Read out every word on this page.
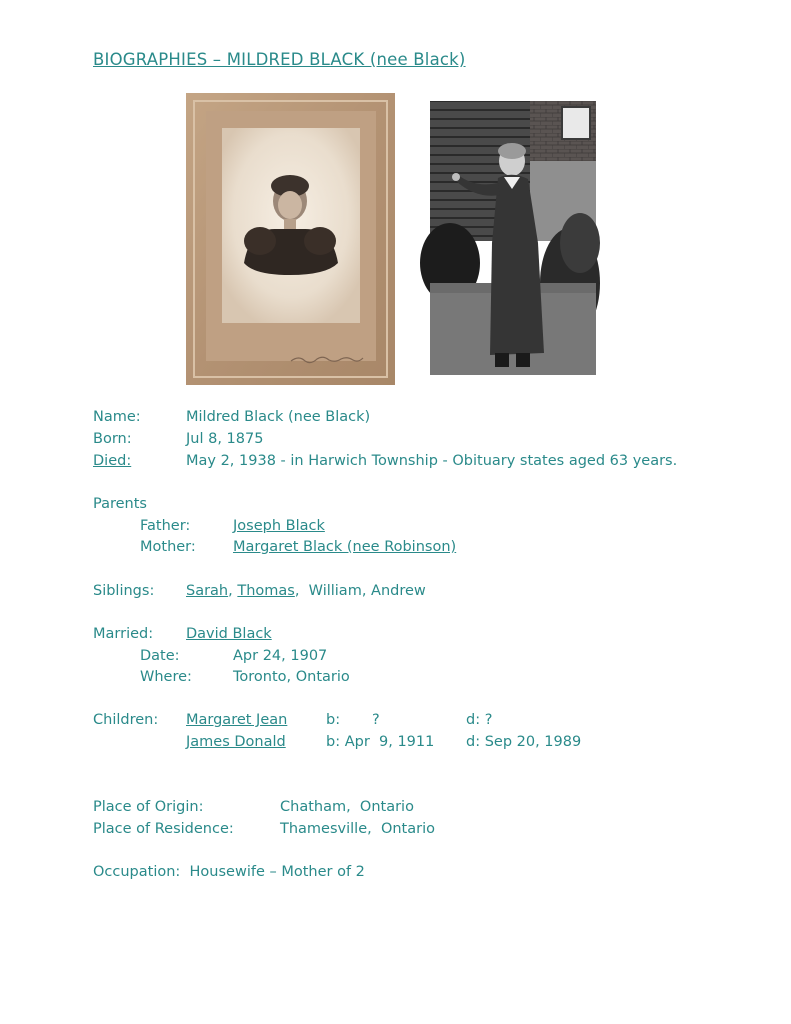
BIOGRAPHIES – MILDRED BLACK (nee Black)
Name:	Mildred Black (nee Black)
Born:	Jul 8, 1875
Died:	May 2, 1938 - in Harwich Township - Obituary states aged 63 years.
Parents
Father:	Joseph Black
Mother:	Margaret Black (nee Robinson)
Siblings: Sarah, Thomas, William, Andrew
Married: David Black
Date:	Apr 24, 1907
Where:	Toronto, Ontario
Children: Margaret Jean	b: ?	d: ?
James Donald	b: Apr  9, 1911 d: Sep 20, 1989
Place of Origin:	Chatham,  Ontario
Place of Residence:	Thamesville,  Ontario
Occupation:  Housewife – Mother of 2
